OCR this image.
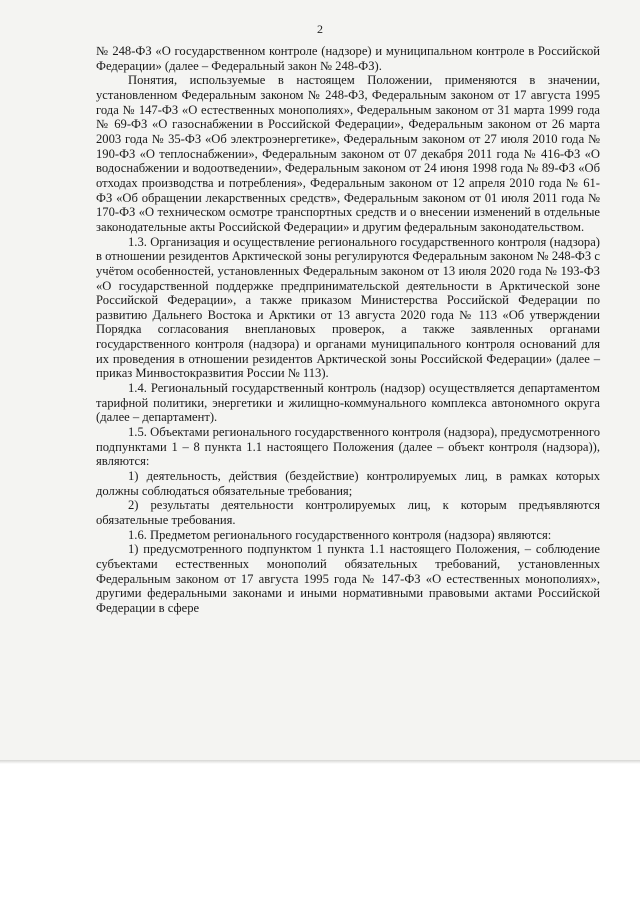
2

№ 248-ФЗ «О государственном контроле (надзоре) и муниципальном контроле в Российской Федерации» (далее – Федеральный закон № 248-ФЗ).

Понятия, используемые в настоящем Положении, применяются в значении, установленном Федеральным законом № 248-ФЗ, Федеральным законом от 17 августа 1995 года № 147-ФЗ «О естественных монополиях», Федеральным законом от 31 марта 1999 года № 69-ФЗ «О газоснабжении в Российской Федерации», Федеральным законом от 26 марта 2003 года № 35-ФЗ «Об электроэнергетике», Федеральным законом от 27 июля 2010 года № 190-ФЗ «О теплоснабжении», Федеральным законом от 07 декабря 2011 года № 416-ФЗ «О водоснабжении и водоотведении», Федеральным законом от 24 июня 1998 года № 89-ФЗ «Об отходах производства и потребления», Федеральным законом от 12 апреля 2010 года № 61-ФЗ «Об обращении лекарственных средств», Федеральным законом от 01 июля 2011 года № 170-ФЗ «О техническом осмотре транспортных средств и о внесении изменений в отдельные законодательные акты Российской Федерации» и другим федеральным законодательством.

1.3. Организация и осуществление регионального государственного контроля (надзора) в отношении резидентов Арктической зоны регулируются Федеральным законом № 248-ФЗ с учётом особенностей, установленных Федеральным законом от 13 июля 2020 года № 193-ФЗ «О государственной поддержке предпринимательской деятельности в Арктической зоне Российской Федерации», а также приказом Министерства Российской Федерации по развитию Дальнего Востока и Арктики от 13 августа 2020 года № 113 «Об утверждении Порядка согласования внеплановых проверок, а также заявленных органами государственного контроля (надзора) и органами муниципального контроля оснований для их проведения в отношении резидентов Арктической зоны Российской Федерации» (далее – приказ Минвостокразвития России № 113).

1.4. Региональный государственный контроль (надзор) осуществляется департаментом тарифной политики, энергетики и жилищно-коммунального комплекса автономного округа (далее – департамент).

1.5. Объектами регионального государственного контроля (надзора), предусмотренного подпунктами 1 – 8 пункта 1.1 настоящего Положения (далее – объект контроля (надзора)), являются:

1) деятельность, действия (бездействие) контролируемых лиц, в рамках которых должны соблюдаться обязательные требования;

2) результаты деятельности контролируемых лиц, к которым предъявляются обязательные требования.

1.6. Предметом регионального государственного контроля (надзора) являются:

1) предусмотренного подпунктом 1 пункта 1.1 настоящего Положения, – соблюдение субъектами естественных монополий обязательных требований, установленных Федеральным законом от 17 августа 1995 года № 147-ФЗ «О естественных монополиях», другими федеральными законами и иными нормативными правовыми актами Российской Федерации в сфере
